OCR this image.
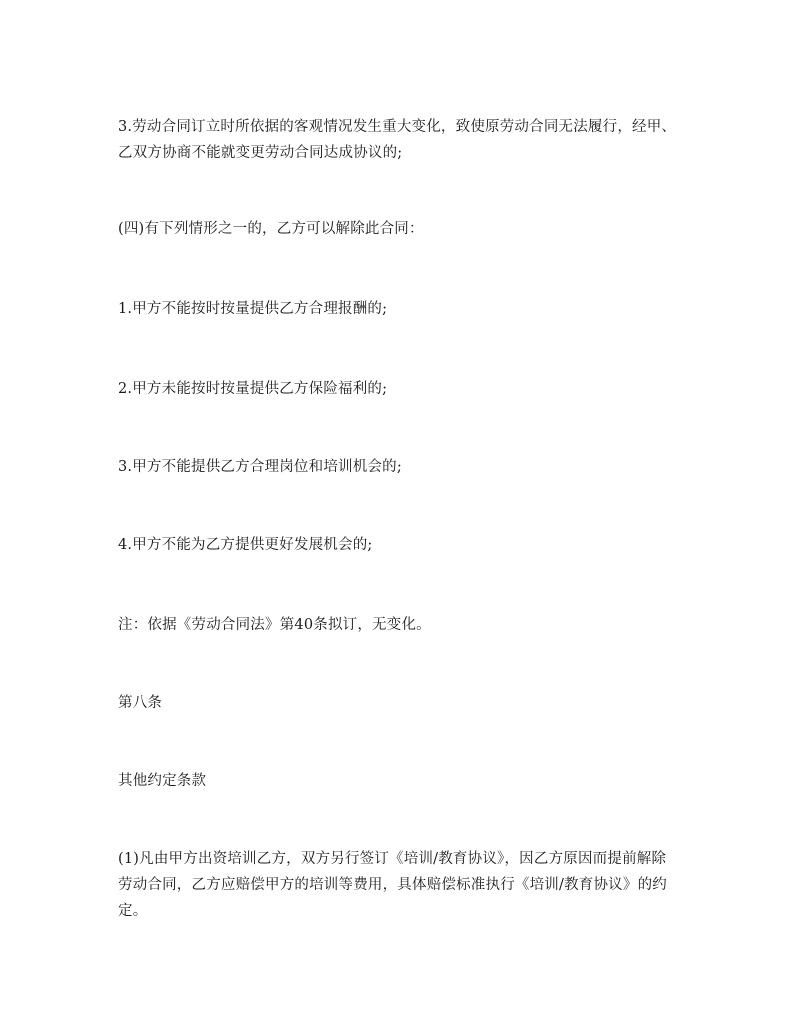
3.劳动合同订立时所依据的客观情况发生重大变化，致使原劳动合同无法履行，经甲、乙双方协商不能就变更劳动合同达成协议的;

(四)有下列情形之一的，乙方可以解除此合同：

1.甲方不能按时按量提供乙方合理报酬的;

2.甲方未能按时按量提供乙方保险福利的;

3.甲方不能提供乙方合理岗位和培训机会的;

4.甲方不能为乙方提供更好发展机会的;

注：依据《劳动合同法》第40条拟订，无变化。

第八条

其他约定条款

(1)凡由甲方出资培训乙方，双方另行签订《培训/教育协议》，因乙方原因而提前解除劳动合同，乙方应赔偿甲方的培训等费用，具体赔偿标准执行《培训/教育协议》的约定。
